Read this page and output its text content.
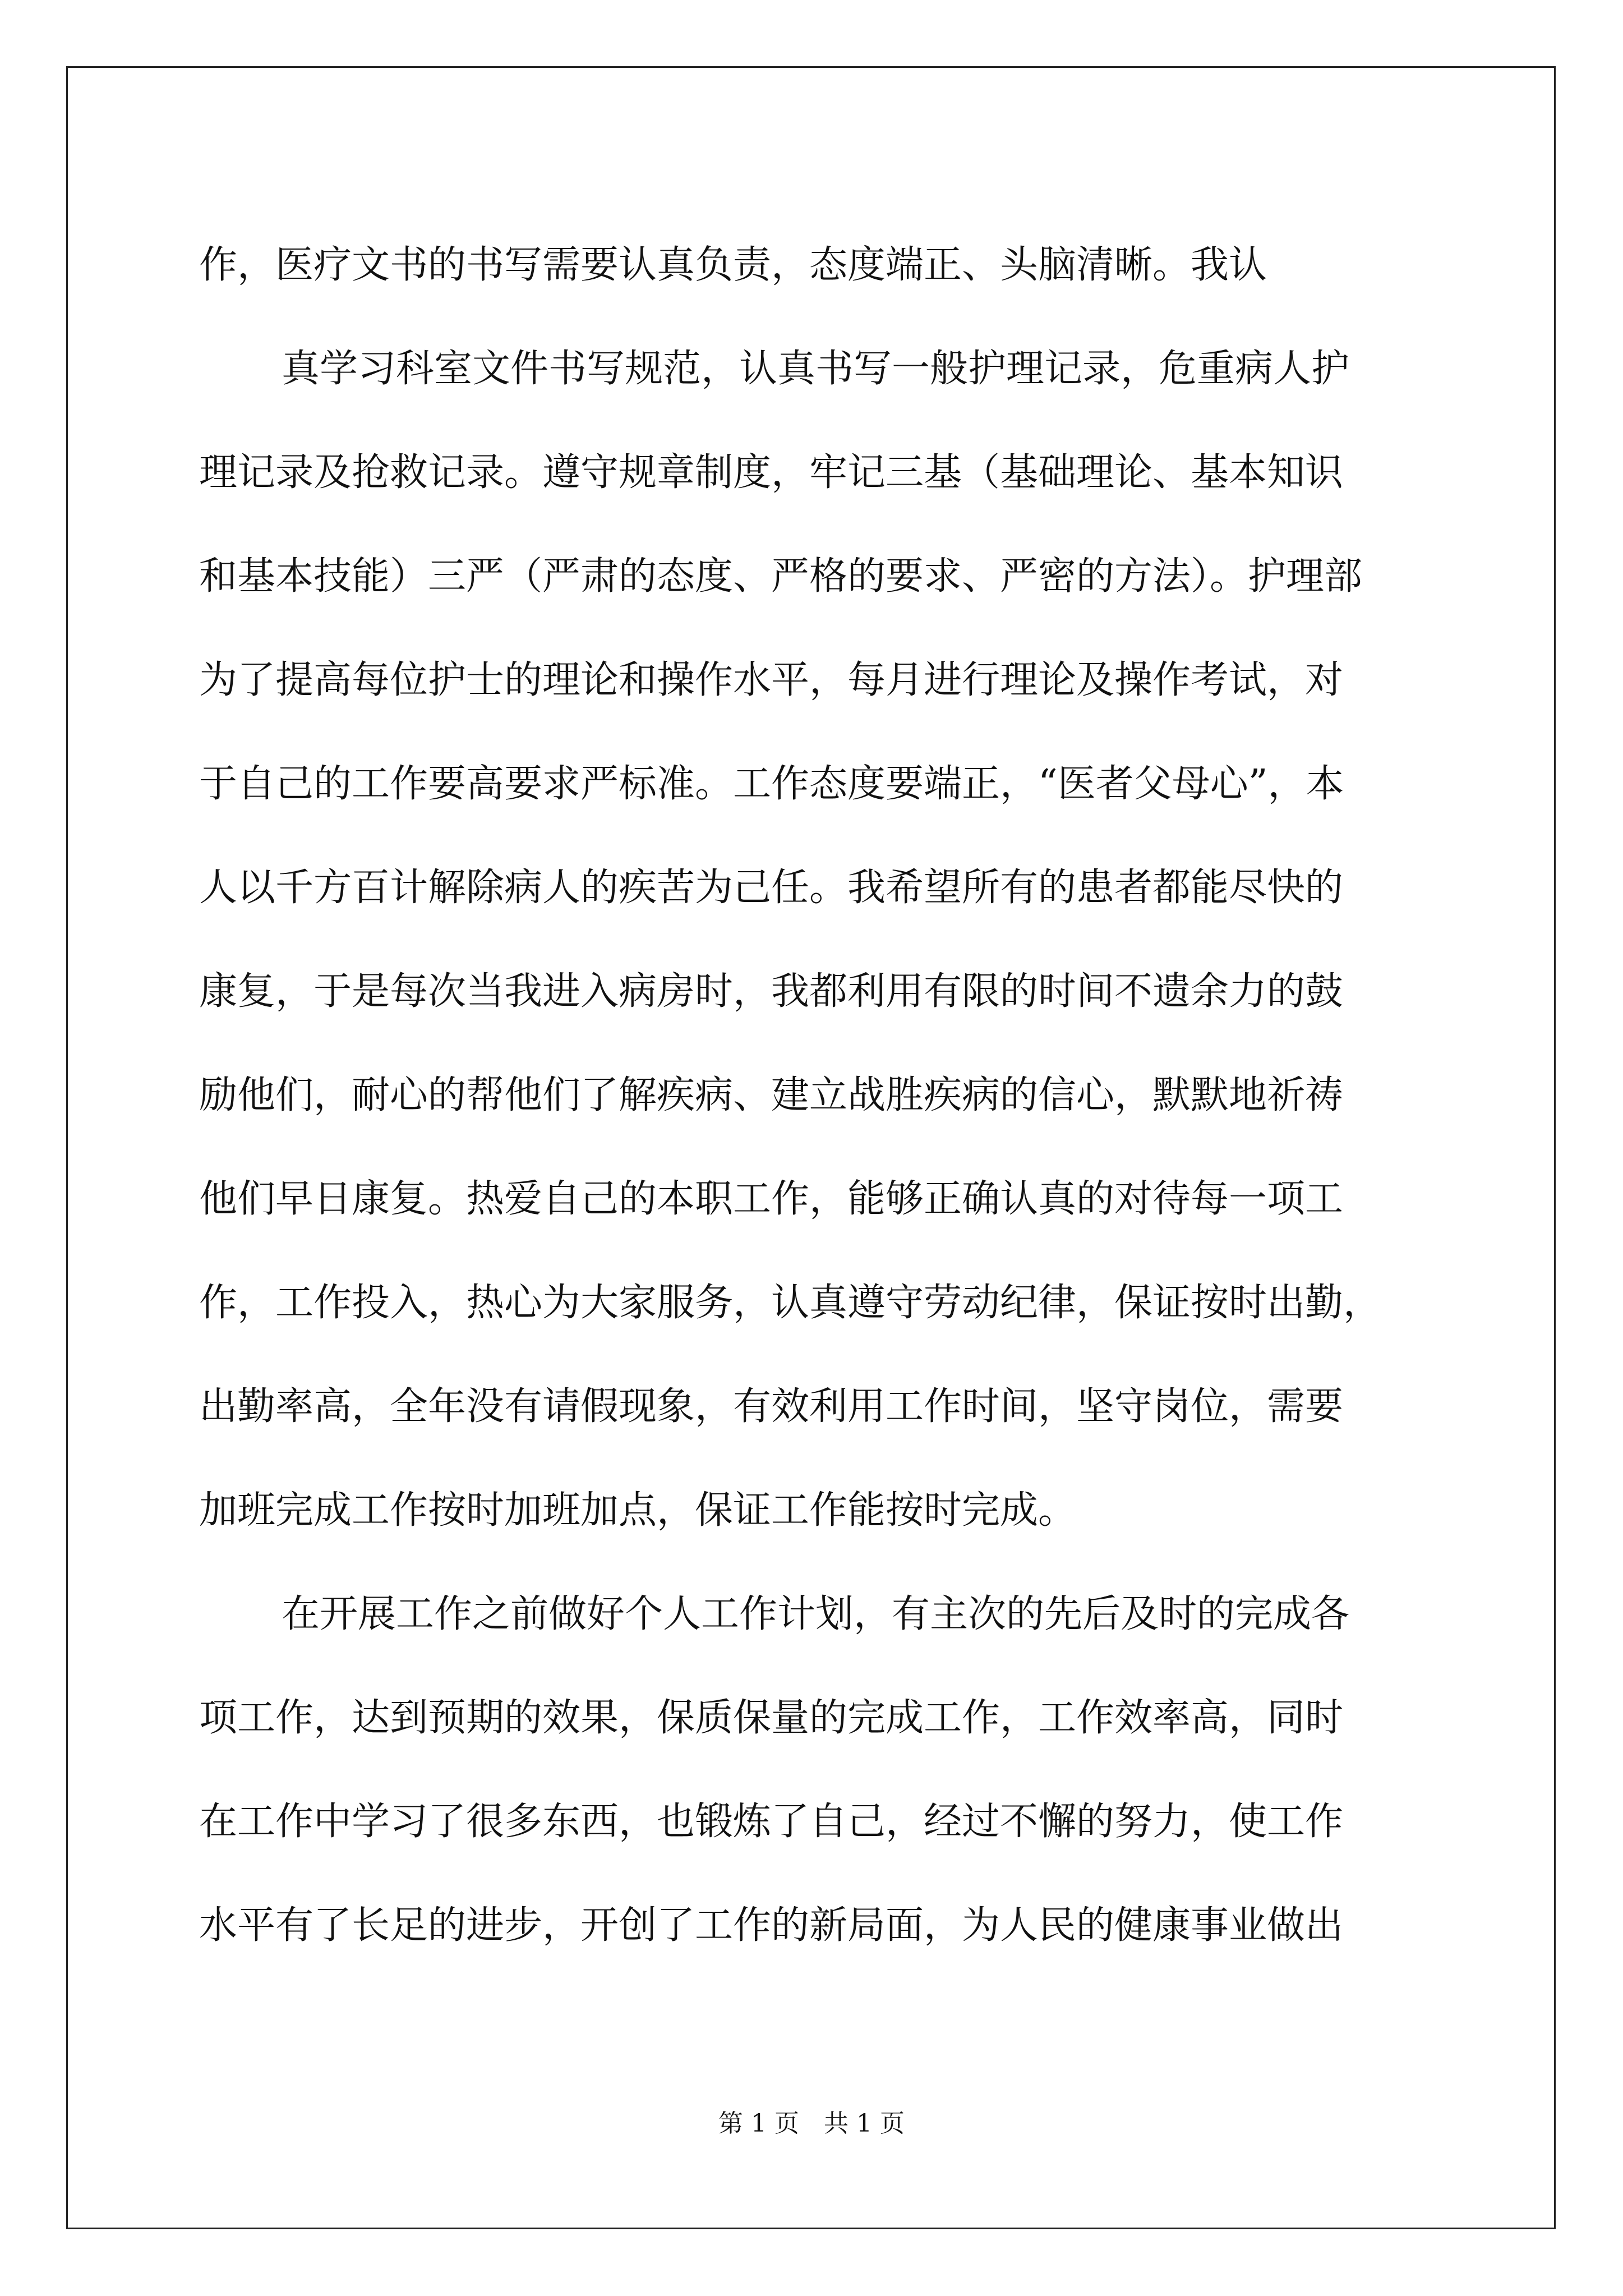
作，医疗文书的书写需要认真负责，态度端正、头脑清晰。我认
真学习科室文件书写规范，认真书写一般护理记录，危重病人护
理记录及抢救记录。遵守规章制度，牢记三基（基础理论、基本知识
和基本技能）三严（严肃的态度、严格的要求、严密的方法）。护理部
为了提高每位护士的理论和操作水平，每月进行理论及操作考试，对
于自己的工作要高要求严标准。工作态度要端正，“医者父母心”，本
人以千方百计解除病人的疾苦为己任。我希望所有的患者都能尽快的
康复，于是每次当我进入病房时，我都利用有限的时间不遗余力的鼓
励他们，耐心的帮他们了解疾病、建立战胜疾病的信心，默默地祈祷
他们早日康复。热爱自己的本职工作，能够正确认真的对待每一项工
作，工作投入，热心为大家服务，认真遵守劳动纪律，保证按时出勤，
出勤率高，全年没有请假现象，有效利用工作时间，坚守岗位，需要
加班完成工作按时加班加点，保证工作能按时完成。
在开展工作之前做好个人工作计划，有主次的先后及时的完成各
项工作，达到预期的效果，保质保量的完成工作，工作效率高，同时
在工作中学习了很多东西，也锻炼了自己，经过不懈的努力，使工作
水平有了长足的进步，开创了工作的新局面，为人民的健康事业做出
第 1 页　共 1 页
